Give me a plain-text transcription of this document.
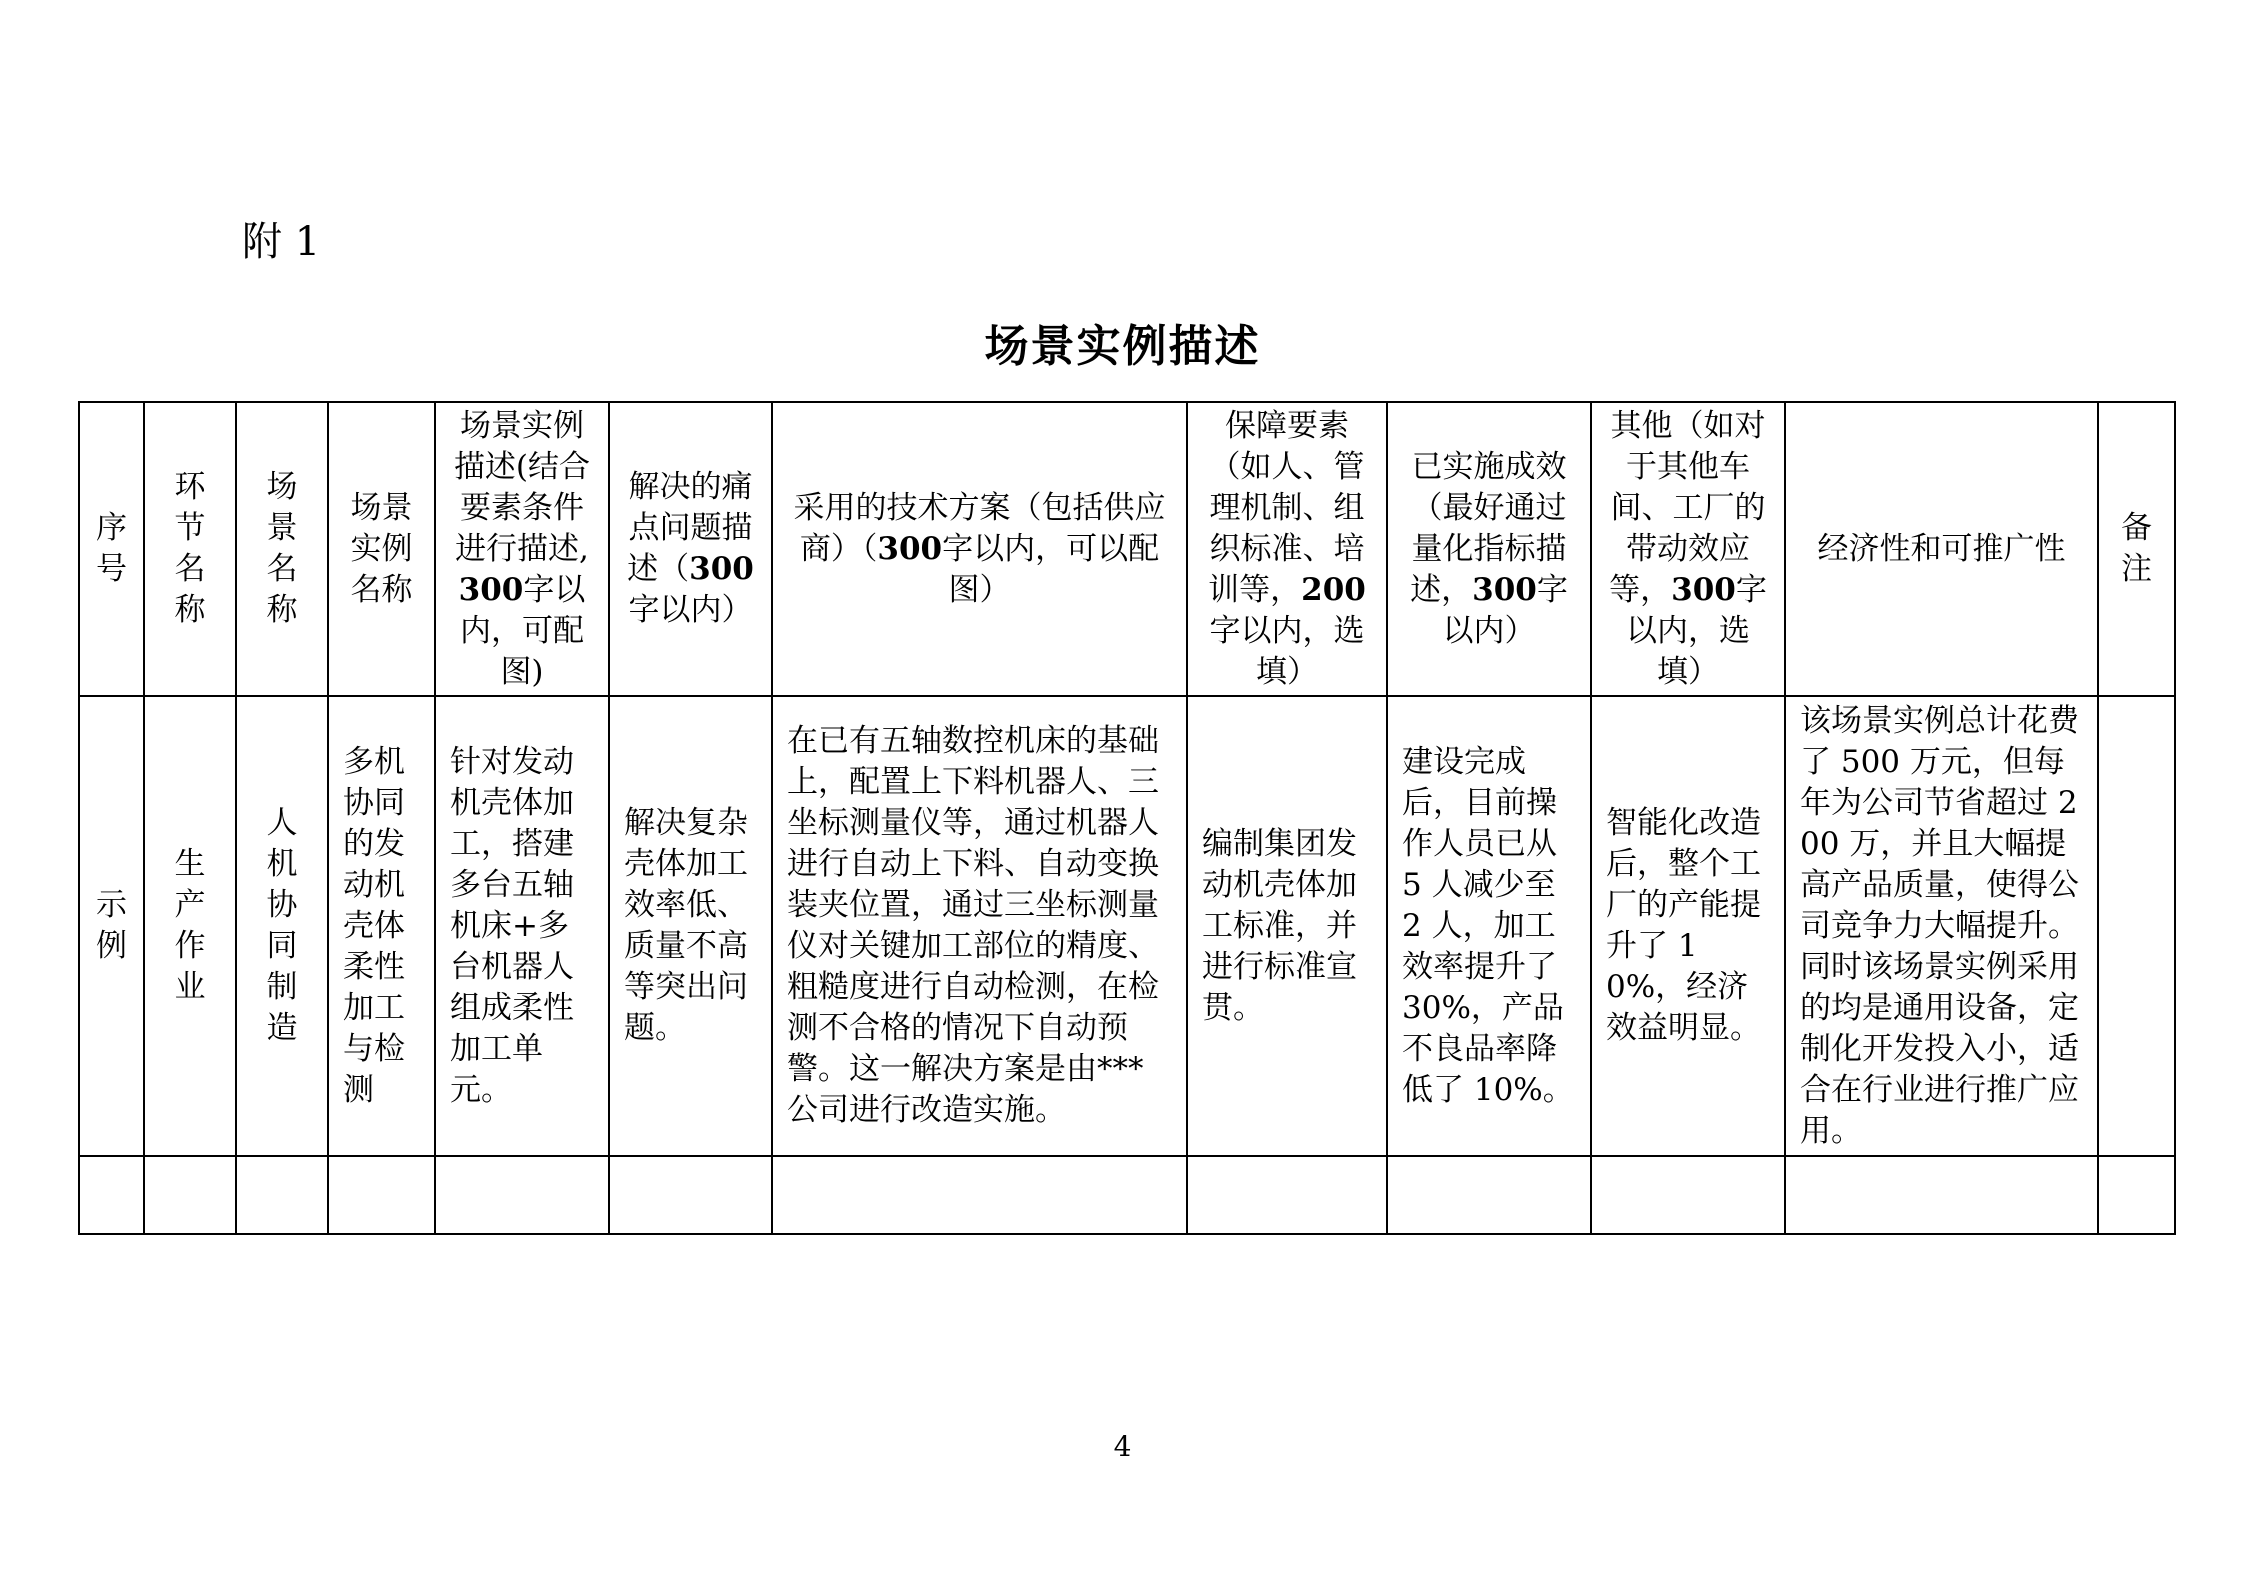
附 1
场景实例描述
序号	环节名称	场景名称	场景实例名称	场景实例描述(结合要素条件进行描述,300字以内，可配图)	解决的痛点问题描述（300字以内）	采用的技术方案（包括供应商）（300字以内，可以配图）	保障要素（如人、管理机制、组织标准、培训等，200字以内，选填）	已实施成效（最好通过量化指标描述，300字以内）	其他（如对于其他车间、工厂的带动效应等，300字以内，选填）	经济性和可推广性	备注

示例	生产作业	人机协同制造	多机协同的发动机壳体柔性加工与检测	针对发动机壳体加工，搭建多台五轴机床+多台机器人组成柔性加工单元。	解决复杂壳体加工效率低、质量不高等突出问题。	在已有五轴数控机床的基础上，配置上下料机器人、三坐标测量仪等，通过机器人进行自动上下料、自动变换装夹位置，通过三坐标测量仪对关键加工部位的精度、粗糙度进行自动检测，在检测不合格的情况下自动预警。这一解决方案是由***公司进行改造实施。	编制集团发动机壳体加工标准，并进行标准宣贯。	建设完成后，目前操作人员已从 5 人减少至 2 人，加工效率提升了 30%，产品不良品率降低了 10%。	智能化改造后，整个工厂的产能提升了 10%，经济效益明显。	该场景实例总计花费了 500 万元，但每年为公司节省超过 200 万，并且大幅提高产品质量，使得公司竞争力大幅提升。同时该场景实例采用的均是通用设备，定制化开发投入小，适合在行业进行推广应用。	

4
